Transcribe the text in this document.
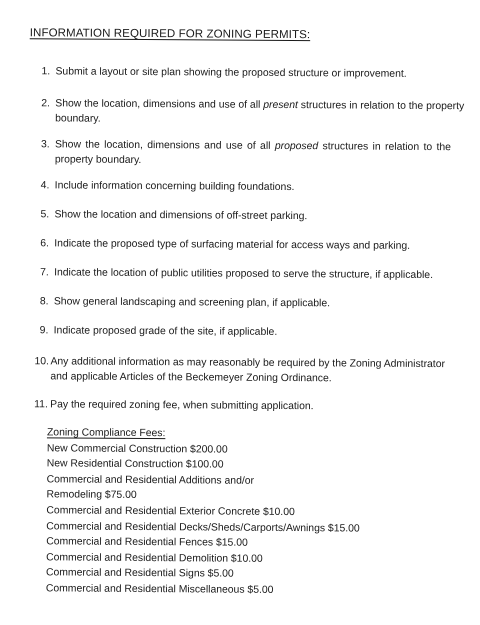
INFORMATION REQUIRED FOR ZONING PERMITS:
1. Submit a layout or site plan showing the proposed structure or improvement.
2. Show the location, dimensions and use of all present structures in relation to the property
boundary.
3. Show the location, dimensions and use of all proposed structures in relation to the
property boundary.
4. Include information concerning building foundations.
5. Show the location and dimensions of off-street parking.
6. Indicate the proposed type of surfacing material for access ways and parking.
7. Indicate the location of public utilities proposed to serve the structure, if applicable.
8. Show general landscaping and screening plan, if applicable.
9. Indicate proposed grade of the site, if applicable.
10. Any additional information as may reasonably be required by the Zoning Administrator
and applicable Articles of the Beckemeyer Zoning Ordinance.
11. Pay the required zoning fee, when submitting application.
Zoning Compliance Fees:
New Commercial Construction $200.00
New Residential Construction $100.00
Commercial and Residential Additions and/or
Remodeling $75.00
Commercial and Residential Exterior Concrete $10.00
Commercial and Residential Decks/Sheds/Carports/Awnings $15.00
Commercial and Residential Fences $15.00
Commercial and Residential Demolition $10.00
Commercial and Residential Signs $5.00
Commercial and Residential Miscellaneous $5.00
